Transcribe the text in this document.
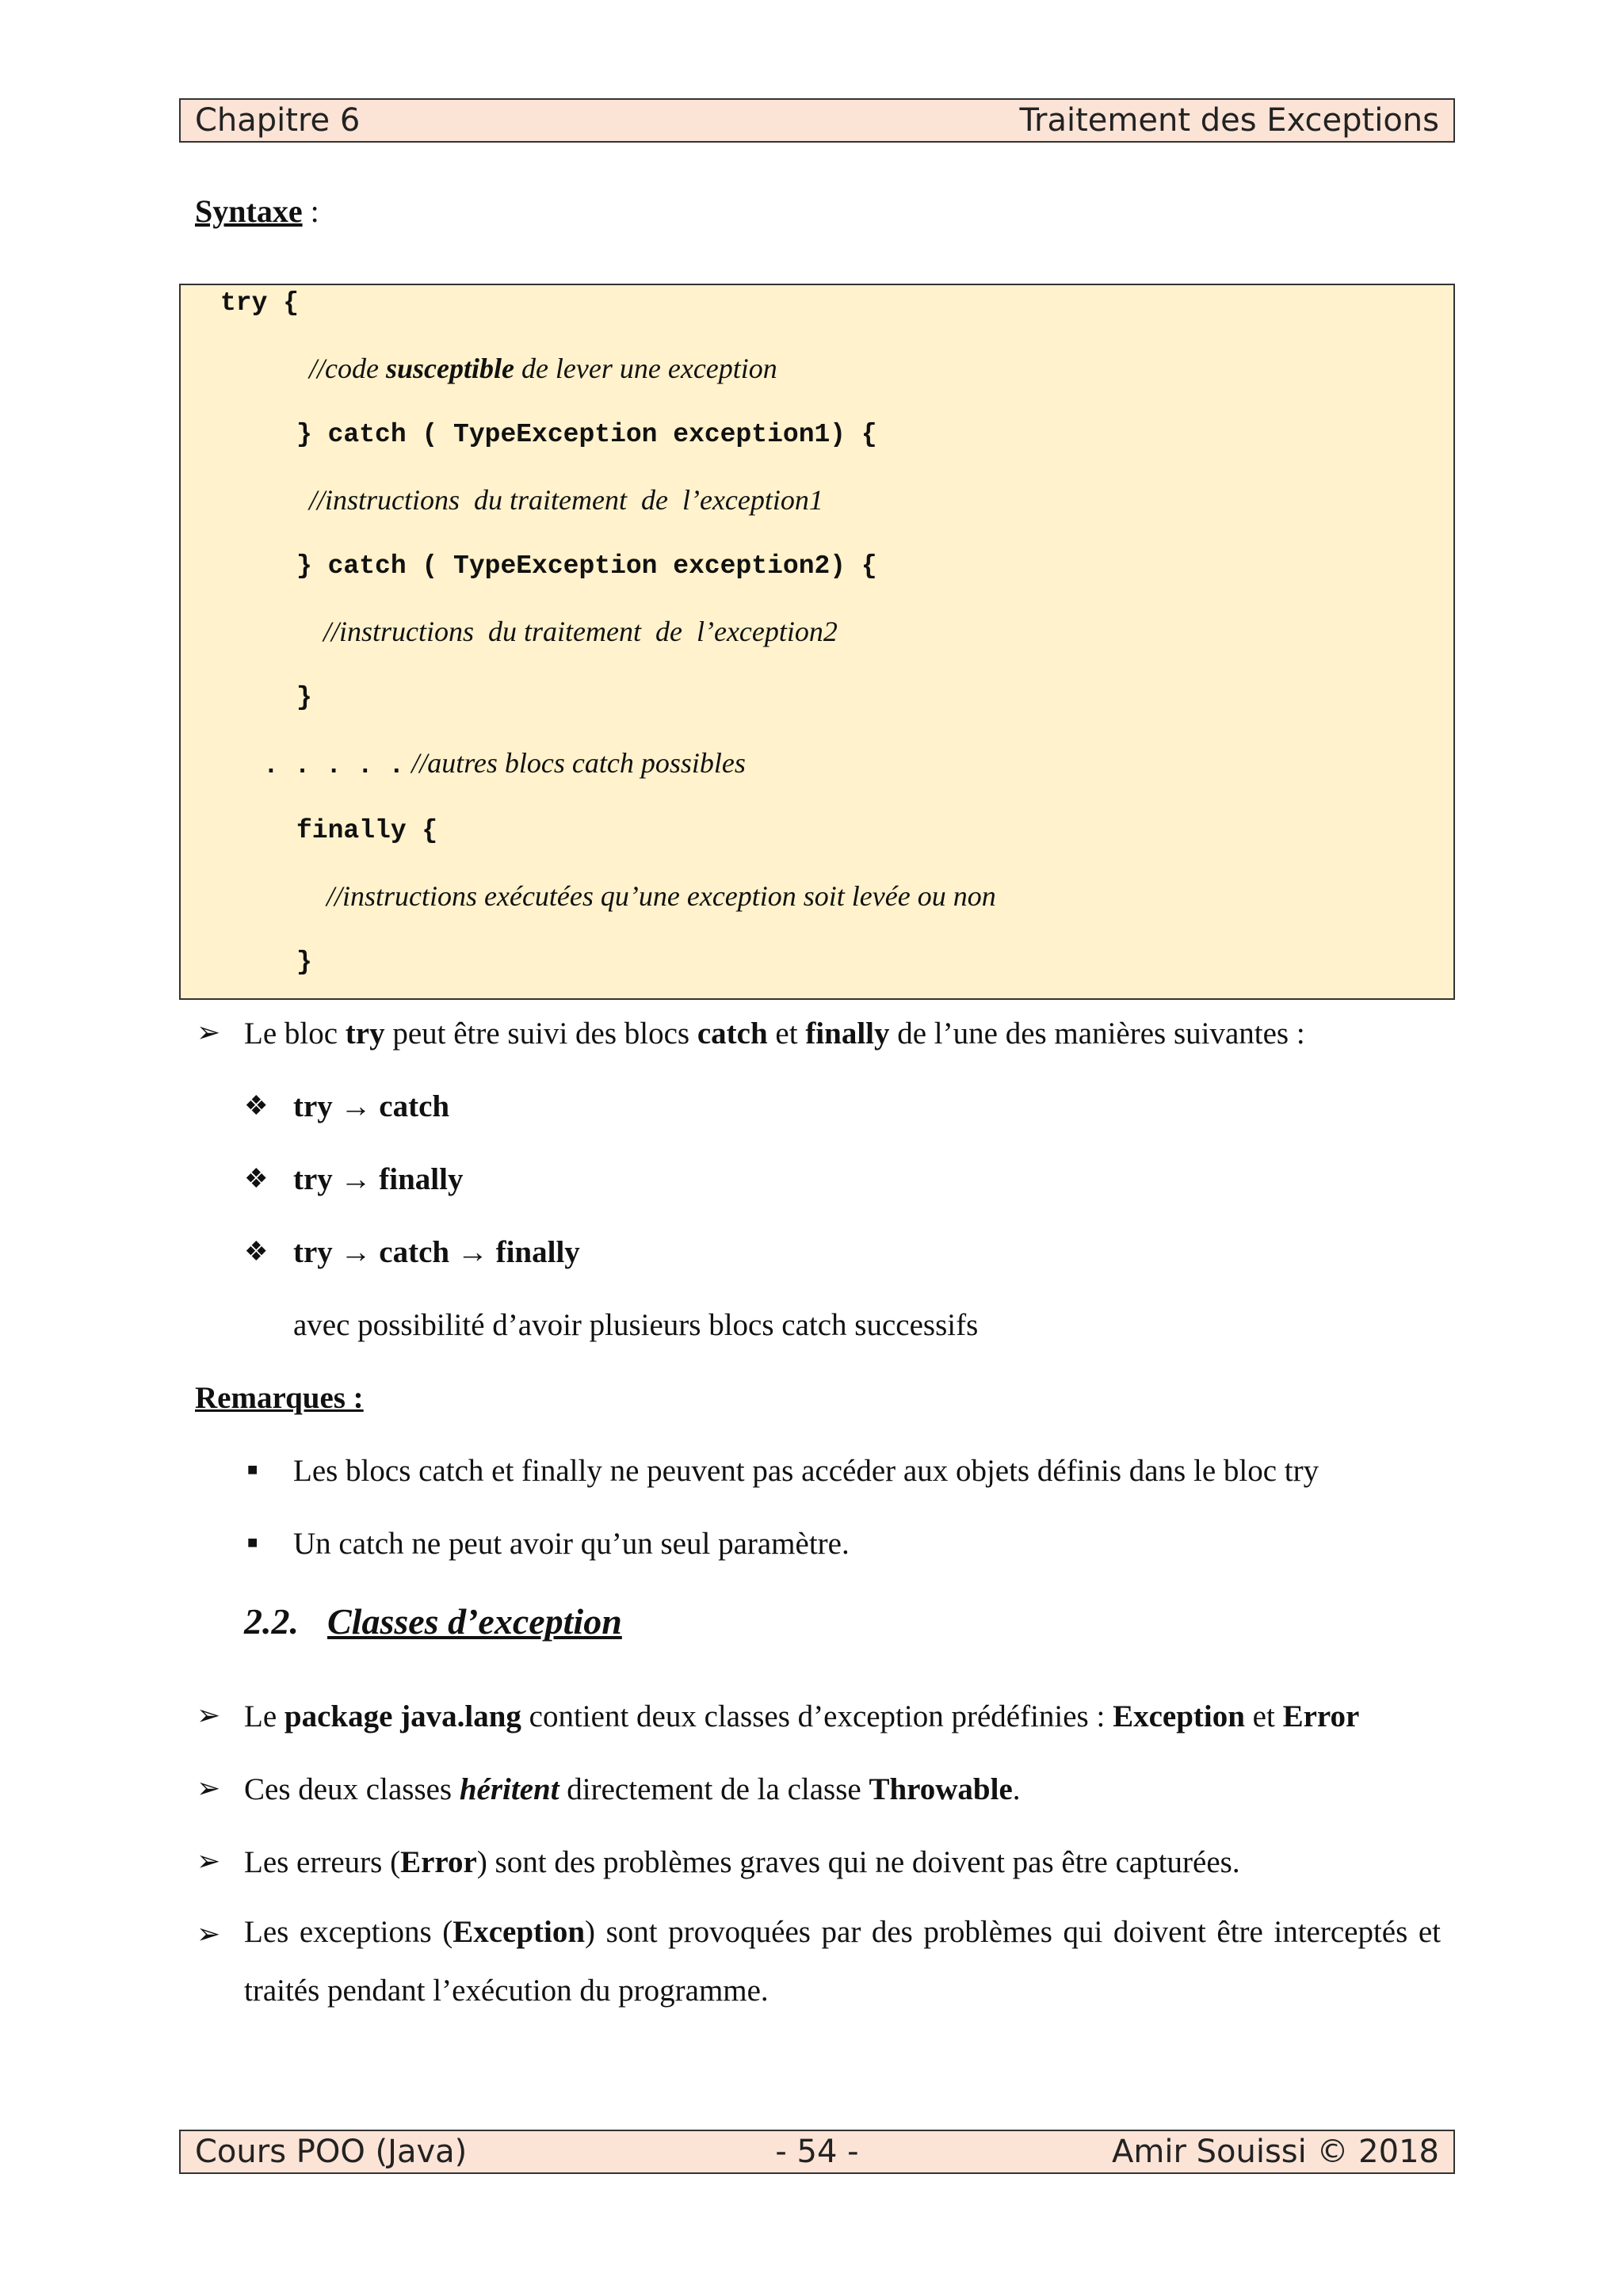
Chapitre 6	Traitement des Exceptions
Syntaxe :
try {
//code susceptible de lever une exception
} catch ( TypeException exception1) {
//instructions  du traitement  de  l’exception1
} catch ( TypeException exception2) {
//instructions  du traitement  de  l’exception2
}
. . . . . //autres blocs catch possibles
finally {
//instructions exécutées qu’une exception soit levée ou non
}
➢ Le bloc try peut être suivi des blocs catch et finally de l’une des manières suivantes :
❖ try → catch
❖ try → finally
❖ try → catch → finally
avec possibilité d’avoir plusieurs blocs catch successifs
Remarques :
■ Les blocs catch et finally ne peuvent pas accéder aux objets définis dans le bloc try
■ Un catch ne peut avoir qu’un seul paramètre.
2.2. Classes d’exception
➢ Le package java.lang contient deux classes d’exception prédéfinies : Exception et Error
➢ Ces deux classes héritent directement de la classe Throwable.
➢ Les erreurs (Error) sont des problèmes graves qui ne doivent pas être capturées.
➢ Les exceptions (Exception) sont provoquées par des problèmes qui doivent être interceptés et traités pendant l’exécution du programme.
Cours POO (Java)	- 54 -	Amir Souissi © 2018
